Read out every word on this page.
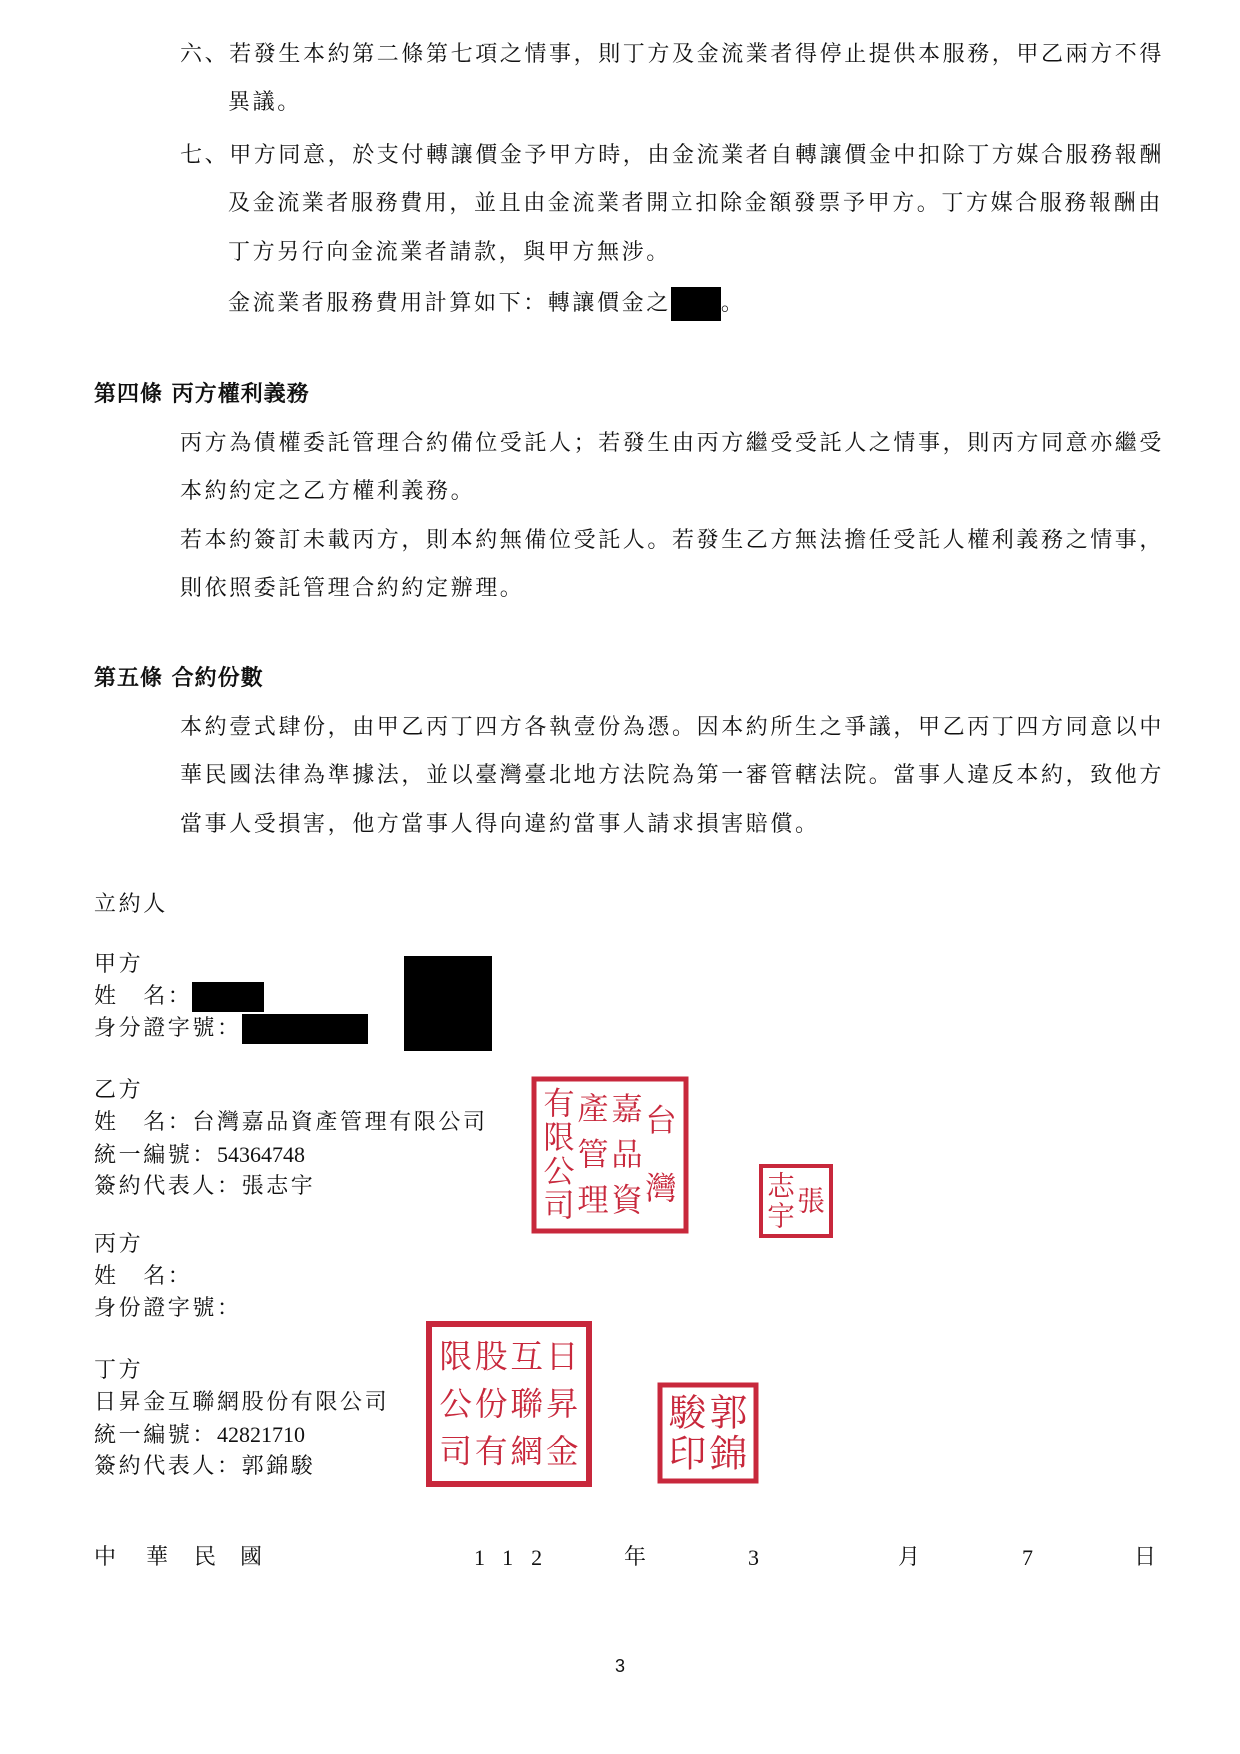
六、若發生本約第二條第七項之情事，則丁方及金流業者得停止提供本服務，甲乙兩方不得
異議。
七、甲方同意，於支付轉讓價金予甲方時，由金流業者自轉讓價金中扣除丁方媒合服務報酬
及金流業者服務費用，並且由金流業者開立扣除金額發票予甲方。丁方媒合服務報酬由
丁方另行向金流業者請款，與甲方無涉。
金流業者服務費用計算如下：轉讓價金之 。
第四條 丙方權利義務
丙方為債權委託管理合約備位受託人；若發生由丙方繼受受託人之情事，則丙方同意亦繼受
本約約定之乙方權利義務。
若本約簽訂未載丙方，則本約無備位受託人。若發生乙方無法擔任受託人權利義務之情事，
則依照委託管理合約約定辦理。
第五條 合約份數
本約壹式肆份，由甲乙丙丁四方各執壹份為憑。因本約所生之爭議，甲乙丙丁四方同意以中
華民國法律為準據法，並以臺灣臺北地方法院為第一審管轄法院。當事人違反本約，致他方
當事人受損害，他方當事人得向違約當事人請求損害賠償。
立約人
甲方
姓　名：
身分證字號：
乙方
姓　名：台灣嘉品資產管理有限公司
統一編號：54364748
簽約代表人：張志宇
台
灣
嘉
品
資
產
管
理
有
限
公
司	張
志
宇
丙方
姓　名：
身份證字號：
丁方
日昇金互聯網股份有限公司
統一編號：42821710
簽約代表人：郭錦駿
日
昇
金
互
聯
網
股
份
有
限
公
司
郭
錦
駿
印
中 華 民 國	112	年	3	月	7	日
3
